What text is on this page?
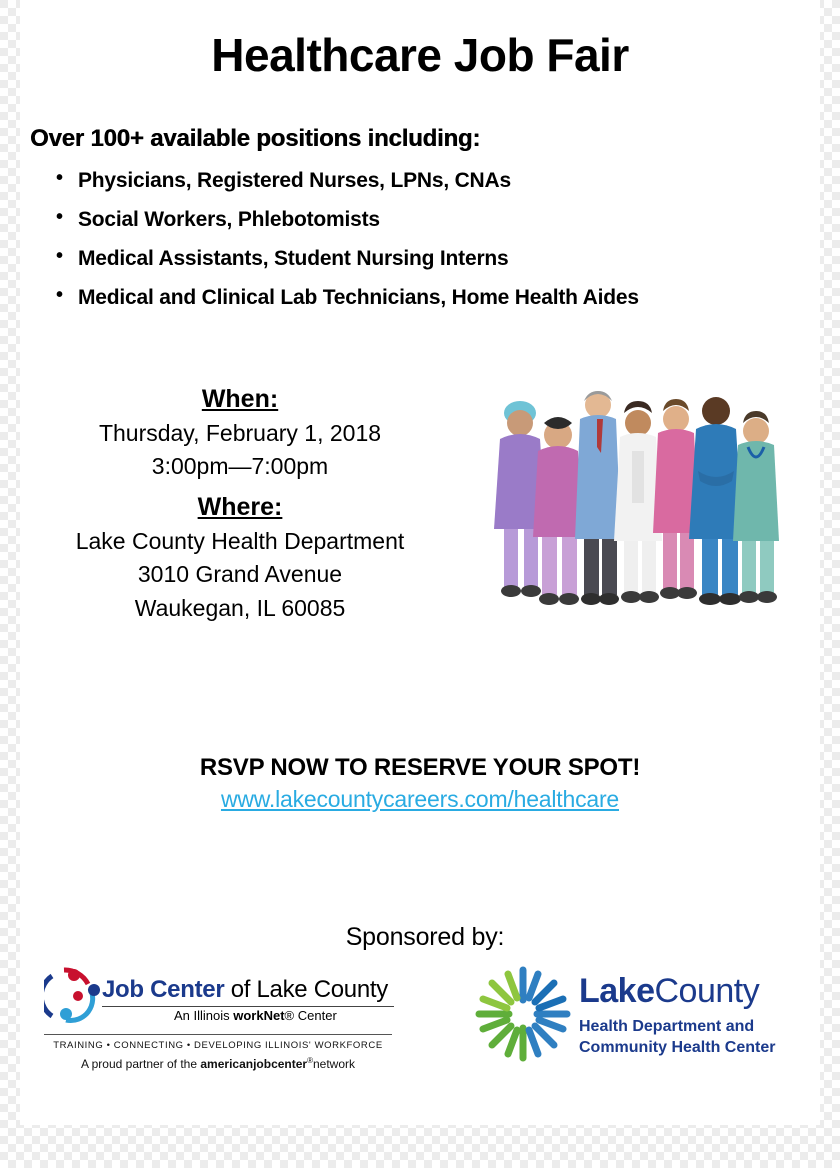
Healthcare Job Fair
Over 100+ available positions including:
• Physicians, Registered Nurses, LPNs, CNAs
• Social Workers, Phlebotomists
• Medical Assistants, Student Nursing Interns
• Medical and Clinical Lab Technicians, Home Health Aides
When:
Thursday, February 1, 2018
3:00pm—7:00pm
Where:
Lake County Health Department
3010 Grand Avenue
Waukegan, IL 60085
RSVP NOW TO RESERVE YOUR SPOT!
www.lakecountycareers.com/healthcare
Sponsored by:
Job Center of Lake County
An Illinois workNet® Center
TRAINING • CONNECTING • DEVELOPING ILLINOIS' WORKFORCE
A proud partner of the americanjobcenter®network
LakeCounty
Health Department and
Community Health Center
